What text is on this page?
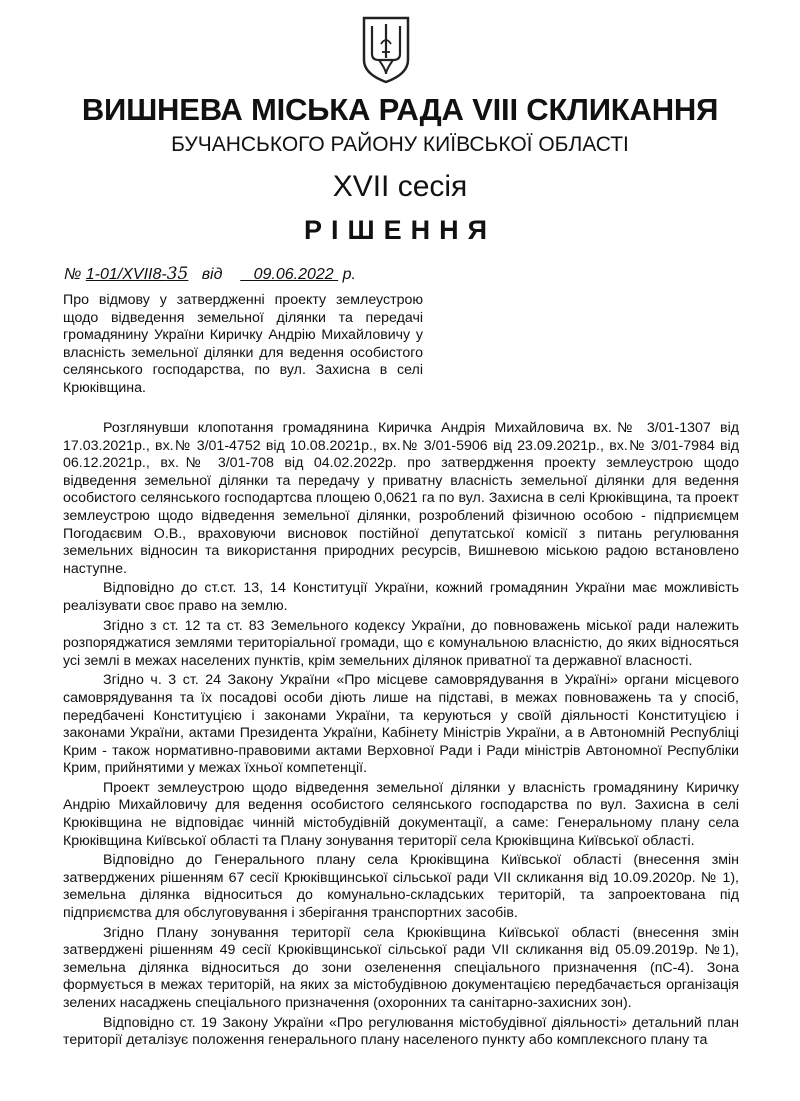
ВИШНЕВА МІСЬКА РАДА VIII СКЛИКАННЯ
БУЧАНСЬКОГО РАЙОНУ КИЇВСЬКОЇ ОБЛАСТІ
XVII сесія
РІШЕННЯ
№ 1-01/XVII8-35 від 09.06.2022 р.
Про відмову у затвердженні проекту землеустрою щодо відведення земельної ділянки та передачі громадянину України Киричку Андрію Михайловичу у власність земельної ділянки для ведення особистого селянського господарства, по вул. Захисна в селі Крюківщина.

Розглянувши клопотання громадянина Киричка Андрія Михайловича вх.№ 3/01-1307 від 17.03.2021р., вх.№ 3/01-4752 від 10.08.2021р., вх.№ 3/01-5906 від 23.09.2021р., вх.№ 3/01-7984 від 06.12.2021р., вх.№ 3/01-708 від 04.02.2022р. про затвердження проекту землеустрою щодо відведення земельної ділянки та передачу у приватну власність земельної ділянки для ведення особистого селянського господартсва площею 0,0621 га по вул. Захисна в селі Крюківщина, та проект землеустрою щодо відведення земельної ділянки, розроблений фізичною особою - підприємцем Погодаєвим О.В., враховуючи висновок постійної депутатської комісії з питань регулювання земельних відносин та використання природних ресурсів, Вишневою міською радою встановлено наступне.

Відповідно до ст.ст. 13, 14 Конституції України, кожний громадянин України має можливість реалізувати своє право на землю.

Згідно з ст. 12 та ст. 83 Земельного кодексу України, до повноважень міської ради належить розпоряджатися землями територіальної громади, що є комунальною власністю, до яких відносяться усі землі в межах населених пунктів, крім земельних ділянок приватної та державної власності.

Згідно ч. 3 ст. 24 Закону України «Про місцеве самоврядування в Україні» органи місцевого самоврядування та їх посадові особи діють лише на підставі, в межах повноважень та у спосіб, передбачені Конституцією і законами України, та керуються у своїй діяльності Конституцією і законами України, актами Президента України, Кабінету Міністрів України, а в Автономній Республіці Крим - також нормативно-правовими актами Верховної Ради і Ради міністрів Автономної Республіки Крим, прийнятими у межах їхньої компетенції.

Проект землеустрою щодо відведення земельної ділянки у власність громадянину Киричку Андрію Михайловичу для ведення особистого селянського господарства по вул. Захисна в селі Крюківщина не відповідає чинній містобудівній документації, а саме: Генеральному плану села Крюківщина Київської області та Плану зонування території села Крюківщина Київської області.

Відповідно до Генерального плану села Крюківщина Київської області (внесення змін затверджених рішенням 67 сесії Крюківщинської сільської ради VII скликання від 10.09.2020р. № 1), земельна ділянка відноситься до комунально-складських територій, та запроектована під підприємства для обслуговування і зберігання транспортних засобів.

Згідно Плану зонування території села Крюківщина Київської області (внесення змін затверджені рішенням 49 сесії Крюківщинської сільської ради VII скликання від 05.09.2019р. №1), земельна ділянка відноситься до зони озеленення спеціального призначення (пС-4). Зона формується в межах територій, на яких за містобудівною документацією передбачається організація зелених насаджень спеціального призначення (охоронних та санітарно-захисних зон).

Відповідно ст. 19 Закону України «Про регулювання містобудівної діяльності» детальний план території деталізує положення генерального плану населеного пункту або комплексного плану та
